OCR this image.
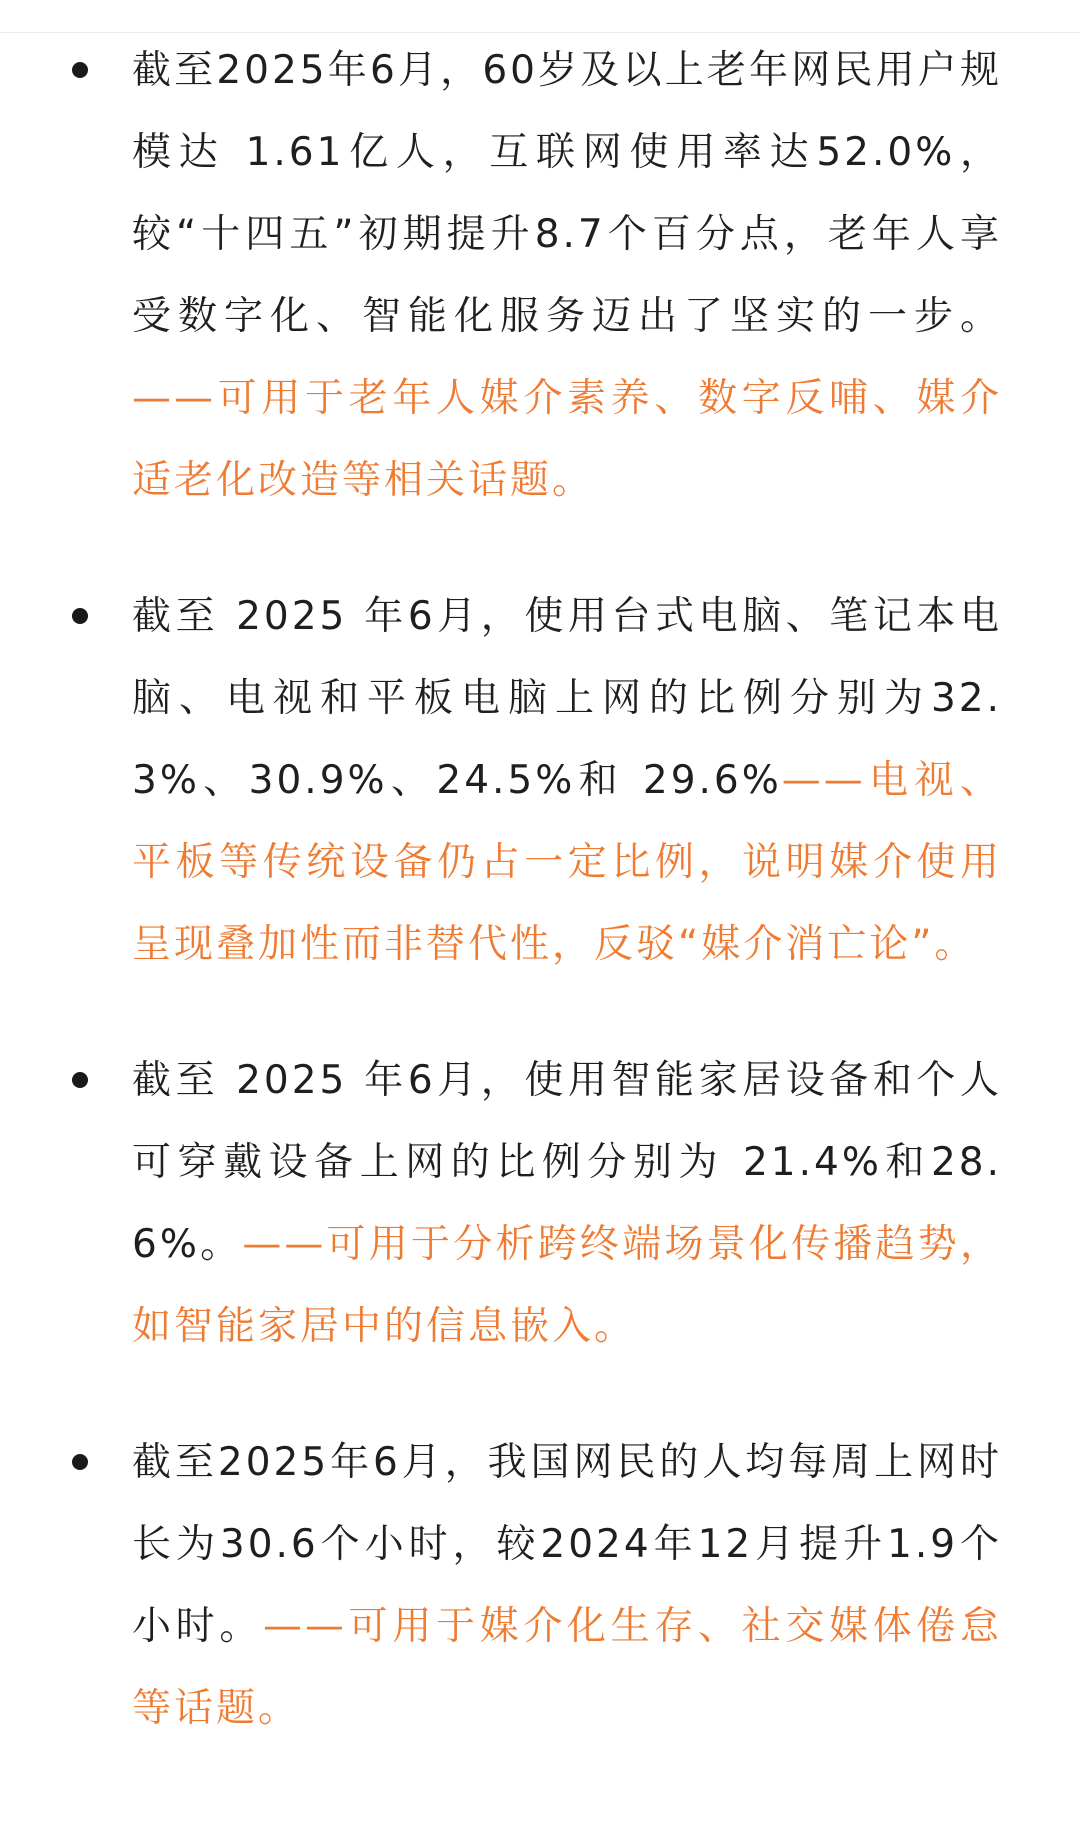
截至2025年6月，60岁及以上老年网民用户规模达 1.61亿人，互联网使用率达52.0%，较“十四五”初期提升8.7个百分点，老年人享受数字化、智能化服务迈出了坚实的一步。——可用于老年人媒介素养、数字反哺、媒介适老化改造等相关话题。
截至 2025 年6月，使用台式电脑、笔记本电脑、电视和平板电脑上网的比例分别为32.3%、30.9%、24.5%和 29.6%——电视、平板等传统设备仍占一定比例，说明媒介使用呈现叠加性而非替代性，反驳“媒介消亡论”。
截至 2025 年6月，使用智能家居设备和个人可穿戴设备上网的比例分别为 21.4%和28.6%。——可用于分析跨终端场景化传播趋势，如智能家居中的信息嵌入。
截至2025年6月，我国网民的人均每周上网时长为30.6个小时，较2024年12月提升1.9个小时。——可用于媒介化生存、社交媒体倦怠等话题。
